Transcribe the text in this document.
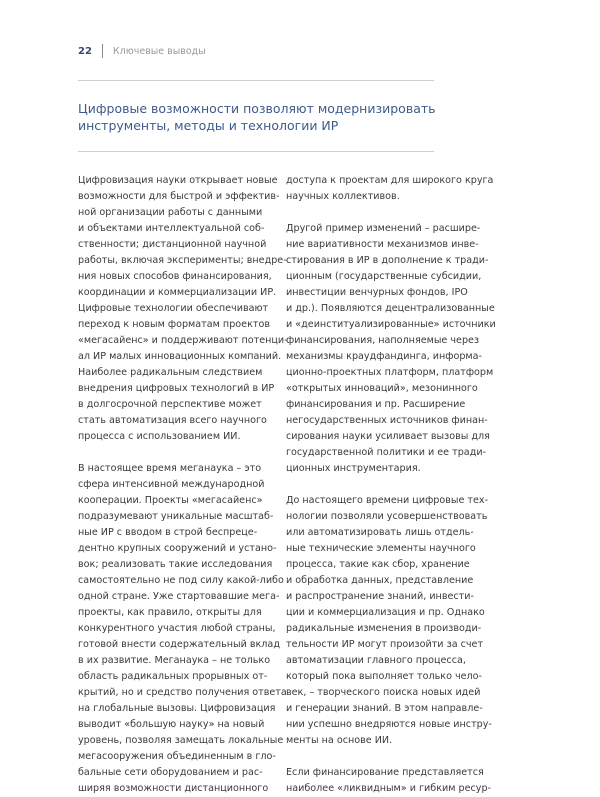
22 Ключевые выводы
Цифровые возможности позволяют модернизировать
инструменты, методы и технологии ИР
Цифровизация науки открывает новые
возможности для быстрой и эффектив-
ной организации работы с данными
и объектами интеллектуальной соб-
ственности; дистанционной научной
работы, включая эксперименты; внедре-
ния новых способов финансирования,
координации и коммерциализации ИР.
Цифровые технологии обеспечивают
переход к новым форматам проектов
«мегасайенс» и поддерживают потенци-
ал ИР малых инновационных компаний.
Наиболее радикальным следствием
внедрения цифровых технологий в ИР
в долгосрочной перспективе может
стать автоматизация всего научного
процесса с использованием ИИ.
В настоящее время меганаука – это
сфера интенсивной международной
кооперации. Проекты «мегасайенс»
подразумевают уникальные масштаб-
ные ИР с вводом в строй беспреце-
дентно крупных сооружений и устано-
вок; реализовать такие исследования
самостоятельно не под силу какой-либо
одной стране. Уже стартовавшие мега-
проекты, как правило, открыты для
конкурентного участия любой страны,
готовой внести содержательный вклад
в их развитие. Меганаука – не только
область радикальных прорывных от-
крытий, но и средство получения ответа
на глобальные вызовы. Цифровизация
выводит «большую науку» на новый
уровень, позволяя замещать локальные
мегасооружения объединенным в гло-
бальные сети оборудованием и рас-
ширяя возможности дистанционного
доступа к проектам для широкого круга
научных коллективов.
Другой пример изменений – расшире-
ние вариативности механизмов инве-
стирования в ИР в дополнение к тради-
ционным (государственные субсидии,
инвестиции венчурных фондов, IPO
и др.). Появляются децентрализованные
и «деинституализированные» источники
финансирования, наполняемые через
механизмы краудфандинга, информа-
ционно-проектных платформ, платформ
«открытых инноваций», мезонинного
финансирования и пр. Расширение
негосударственных источников финан-
сирования науки усиливает вызовы для
государственной политики и ее тради-
ционных инструментария.
До настоящего времени цифровые тех-
нологии позволяли усовершенствовать
или автоматизировать лишь отдель-
ные технические элементы научного
процесса, такие как сбор, хранение
и обработка данных, представление
и распространение знаний, инвести-
ции и коммерциализация и пр. Однако
радикальные изменения в производи-
тельности ИР могут произойти за счет
автоматизации главного процесса,
который пока выполняет только чело-
век, – творческого поиска новых идей
и генерации знаний. В этом направле-
нии успешно внедряются новые инстру-
менты на основе ИИ.
Если финансирование представляется
наиболее «ликвидным» и гибким ресур-
